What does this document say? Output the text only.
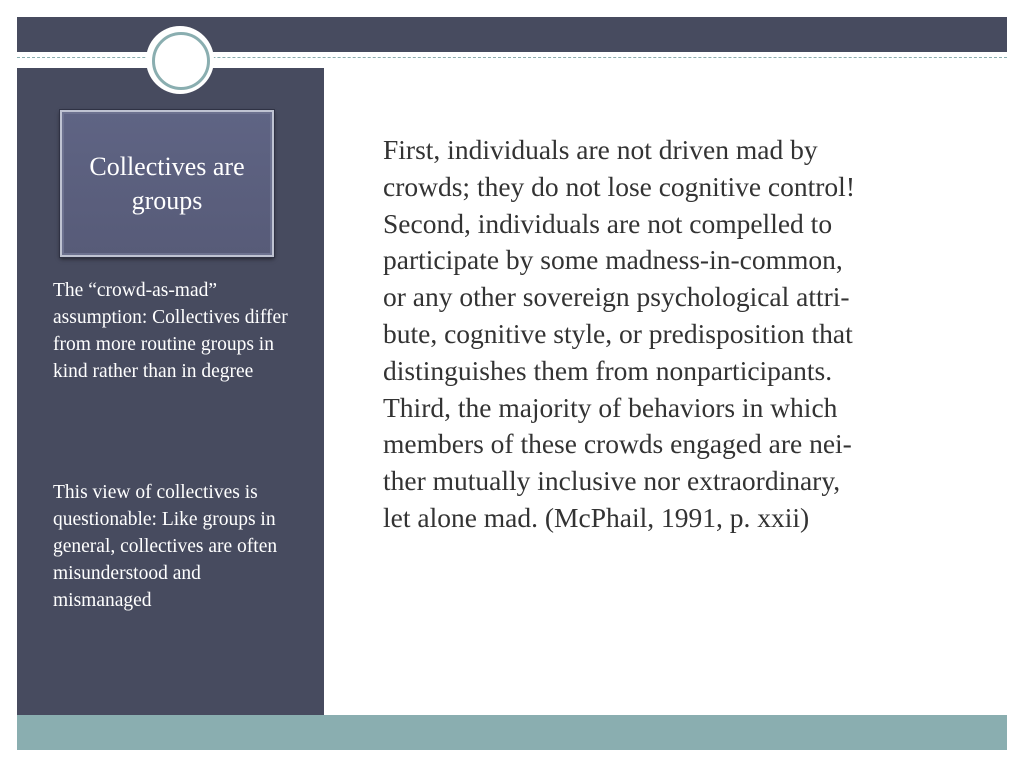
Collectives are groups
The “crowd-as-mad” assumption: Collectives differ from more routine groups in kind rather than in degree
This view of collectives is questionable: Like groups in general, collectives are often misunderstood and mismanaged
First, individuals are not driven mad by
crowds; they do not lose cognitive control!
Second, individuals are not compelled to
participate by some madness-in-common,
or any other sovereign psychological attri-
bute, cognitive style, or predisposition that
distinguishes them from nonparticipants.
Third, the majority of behaviors in which
members of these crowds engaged are nei-
ther mutually inclusive nor extraordinary,
let alone mad. (McPhail, 1991, p. xxii)
